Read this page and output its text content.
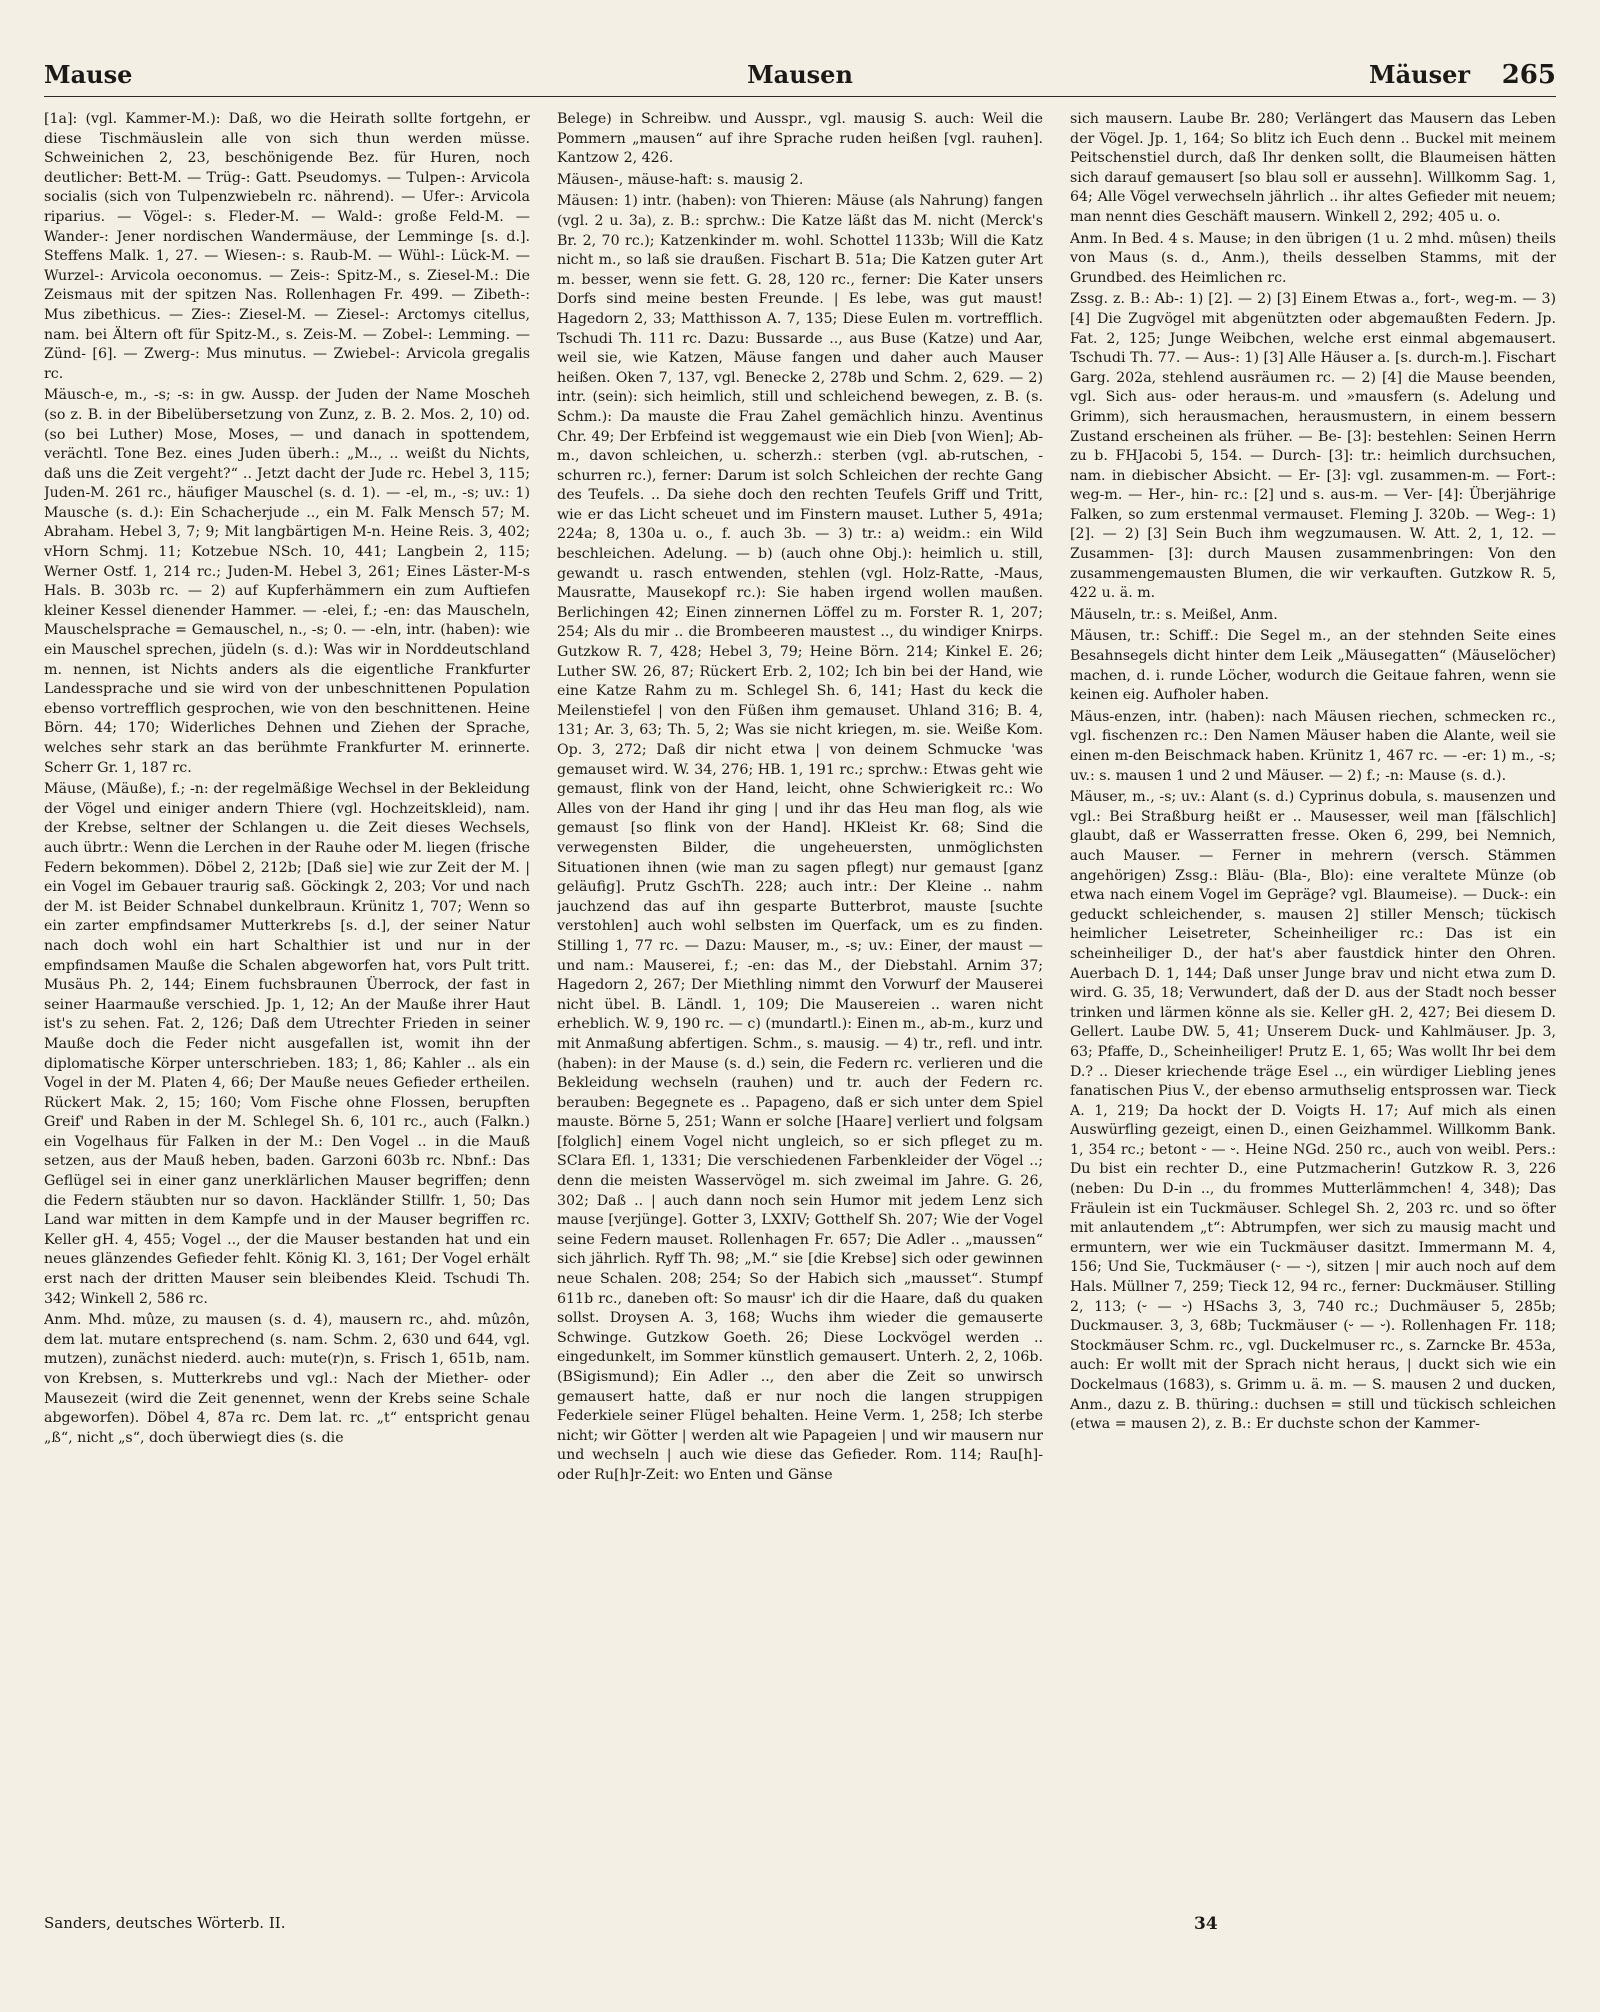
Mause	Mausen	Mäuser 265

[1a]: (vgl. Kammer-M.): Daß, wo die Heirath sollte fortgehn, er diese Tischmäuslein alle von sich thun werden müsse. Schweinichen 2, 23, beschönigende Bez. für Huren, noch deutlicher: Bett-M. — Trüg-: Gatt. Pseudomys. — Tulpen-: Arvicola socialis (sich von Tulpenzwiebeln rc. nährend). — Ufer-: Arvicola riparius. — Vögel-: s. Fleder-M. — Wald-: große Feld-M. — Wander-: Jener nordischen Wandermäuse, der Lemminge [s. d.]. Steffens Malk. 1, 27. — Wiesen-: s. Raub-M. — Wühl-: Lück-M. — Wurzel-: Arvicola oeconomus. — Zeis-: Spitz-M., s. Ziesel-M.: Die Zeismaus mit der spitzen Nas. Rollenhagen Fr. 499. — Zibeth-: Mus zibethicus. — Zies-: Ziesel-M. — Ziesel-: Arctomys citellus, nam. bei Ältern oft für Spitz-M., s. Zeis-M. — Zobel-: Lemming. — Zünd- [6]. — Zwerg-: Mus minutus. — Zwiebel-: Arvicola gregalis rc.

Mäusch-e, m., -s; -s: in gw. Aussp. der Juden der Name Moscheh (so z. B. in der Bibelübersetzung von Zunz, z. B. 2. Mos. 2, 10) od. (so bei Luther) Mose, Moses, — und danach in spottendem, verächtl. Tone Bez. eines Juden überh.: „M.., .. weißt du Nichts, daß uns die Zeit vergeht?“ .. Jetzt dacht der Jude rc. Hebel 3, 115; Juden-M. 261 rc., häufiger Mauschel (s. d. 1). — -el, m., -s; uv.: 1) Mausche (s. d.): Ein Schacherjude .., ein M. Falk Mensch 57; M. Abraham. Hebel 3, 7; 9; Mit langbärtigen M-n. Heine Reis. 3, 402; vHorn Schmj. 11; Kotzebue NSch. 10, 441; Langbein 2, 115; Werner Ostf. 1, 214 rc.; Juden-M. Hebel 3, 261; Eines Läster-M-s Hals. B. 303b rc. — 2) auf Kupferhämmern ein zum Auftiefen kleiner Kessel dienender Hammer. — -elei, f.; -en: das Mauscheln, Mauschelsprache = Gemauschel, n., -s; 0. — -eln, intr. (haben): wie ein Mauschel sprechen, jüdeln (s. d.): Was wir in Norddeutschland m. nennen, ist Nichts anders als die eigentliche Frankfurter Landessprache und sie wird von der unbeschnittenen Population ebenso vortrefflich gesprochen, wie von den beschnittenen. Heine Börn. 44; 170; Widerliches Dehnen und Ziehen der Sprache, welches sehr stark an das berühmte Frankfurter M. erinnerte. Scherr Gr. 1, 187 rc.

Mäuse, (Mäuße), f.; -n: der regelmäßige Wechsel in der Bekleidung der Vögel und einiger andern Thiere (vgl. Hochzeitskleid), nam. der Krebse, seltner der Schlangen u. die Zeit dieses Wechsels, auch übrtr.: Wenn die Lerchen in der Rauhe oder M. liegen (frische Federn bekommen). Döbel 2, 212b; [Daß sie] wie zur Zeit der M. | ein Vogel im Gebauer traurig saß. Göckingk 2, 203; Vor und nach der M. ist Beider Schnabel dunkelbraun. Krünitz 1, 707; Wenn so ein zarter empfindsamer Mutterkrebs [s. d.], der seiner Natur nach doch wohl ein hart Schalthier ist und nur in der empfindsamen Mauße die Schalen abgeworfen hat, vors Pult tritt. Musäus Ph. 2, 144; Einem fuchsbraunen Überrock, der fast in seiner Haarmauße verschied. Jp. 1, 12; An der Mauße ihrer Haut ist's zu sehen. Fat. 2, 126; Daß dem Utrechter Frieden in seiner Mauße doch die Feder nicht ausgefallen ist, womit ihn der diplomatische Körper unterschrieben. 183; 1, 86; Kahler .. als ein Vogel in der M. Platen 4, 66; Der Mauße neues Gefieder ertheilen. Rückert Mak. 2, 15; 160; Vom Fische ohne Flossen, berupften Greif' und Raben in der M. Schlegel Sh. 6, 101 rc., auch (Falkn.) ein Vogelhaus für Falken in der M.: Den Vogel .. in die Mauß setzen, aus der Mauß heben, baden. Garzoni 603b rc. Nbnf.: Das Geflügel sei in einer ganz unerklärlichen Mauser begriffen; denn die Federn stäubten nur so davon. Hackländer Stillfr. 1, 50; Das Land war mitten in dem Kampfe und in der Mauser begriffen rc. Keller gH. 4, 455; Vogel .., der die Mauser bestanden hat und ein neues glänzendes Gefieder fehlt. König Kl. 3, 161; Der Vogel erhält erst nach der dritten Mauser sein bleibendes Kleid. Tschudi Th. 342; Winkell 2, 586 rc.

Anm. Mhd. mûze, zu mausen (s. d. 4), mausern rc., ahd. mûzôn, dem lat. mutare entsprechend (s. nam. Schm. 2, 630 und 644, vgl. mutzen), zunächst niederd. auch: mute(r)n, s. Frisch 1, 651b, nam. von Krebsen, s. Mutterkrebs und vgl.: Nach der Miether- oder Mausezeit (wird die Zeit genennet, wenn der Krebs seine Schale abgeworfen). Döbel 4, 87a rc. Dem lat. rc. „t“ entspricht genau „ß“, nicht „s“, doch überwiegt dies (s. die

Belege) in Schreibw. und Ausspr., vgl. mausig S. auch: Weil die Pommern „mausen“ auf ihre Sprache ruden heißen [vgl. rauhen]. Kantzow 2, 426.

Mäusen-, mäuse-haft: s. mausig 2.

Mäusen: 1) intr. (haben): von Thieren: Mäuse (als Nahrung) fangen (vgl. 2 u. 3a), z. B.: sprchw.: Die Katze läßt das M. nicht (Merck's Br. 2, 70 rc.); Katzenkinder m. wohl. Schottel 1133b; Will die Katz nicht m., so laß sie draußen. Fischart B. 51a; Die Katzen guter Art m. besser, wenn sie fett. G. 28, 120 rc., ferner: Die Kater unsers Dorfs sind meine besten Freunde. | Es lebe, was gut maust! Hagedorn 2, 33; Matthisson A. 7, 135; Diese Eulen m. vortrefflich. Tschudi Th. 111 rc. Dazu: Bussarde .., aus Buse (Katze) und Aar, weil sie, wie Katzen, Mäuse fangen und daher auch Mauser heißen. Oken 7, 137, vgl. Benecke 2, 278b und Schm. 2, 629. — 2) intr. (sein): sich heimlich, still und schleichend bewegen, z. B. (s. Schm.): Da mauste die Frau Zahel gemächlich hinzu. Aventinus Chr. 49; Der Erbfeind ist weggemaust wie ein Dieb [von Wien]; Ab-m., davon schleichen, u. scherzh.: sterben (vgl. ab-rutschen, -schurren rc.), ferner: Darum ist solch Schleichen der rechte Gang des Teufels. .. Da siehe doch den rechten Teufels Griff und Tritt, wie er das Licht scheuet und im Finstern mauset. Luther 5, 491a; 224a; 8, 130a u. o., f. auch 3b. — 3) tr.: a) weidm.: ein Wild beschleichen. Adelung. — b) (auch ohne Obj.): heimlich u. still, gewandt u. rasch entwenden, stehlen (vgl. Holz-Ratte, -Maus, Mausratte, Mausekopf rc.): Sie haben irgend wollen maußen. Berlichingen 42; Einen zinnernen Löffel zu m. Forster R. 1, 207; 254; Als du mir .. die Brombeeren maustest .., du windiger Knirps. Gutzkow R. 7, 428; Hebel 3, 79; Heine Börn. 214; Kinkel E. 26; Luther SW. 26, 87; Rückert Erb. 2, 102; Ich bin bei der Hand, wie eine Katze Rahm zu m. Schlegel Sh. 6, 141; Hast du keck die Meilenstiefel | von den Füßen ihm gemauset. Uhland 316; B. 4, 131; Ar. 3, 63; Th. 5, 2; Was sie nicht kriegen, m. sie. Weiße Kom. Op. 3, 272; Daß dir nicht etwa | von deinem Schmucke 'was gemauset wird. W. 34, 276; HB. 1, 191 rc.; sprchw.: Etwas geht wie gemaust, flink von der Hand, leicht, ohne Schwierigkeit rc.: Wo Alles von der Hand ihr ging | und ihr das Heu man flog, als wie gemaust [so flink von der Hand]. HKleist Kr. 68; Sind die verwegensten Bilder, die ungeheuersten, unmöglichsten Situationen ihnen (wie man zu sagen pflegt) nur gemaust [ganz geläufig]. Prutz GschTh. 228; auch intr.: Der Kleine .. nahm jauchzend das auf ihn gesparte Butterbrot, mauste [suchte verstohlen] auch wohl selbsten im Querfack, um es zu finden. Stilling 1, 77 rc. — Dazu: Mauser, m., -s; uv.: Einer, der maust — und nam.: Mauserei, f.; -en: das M., der Diebstahl. Arnim 37; Hagedorn 2, 267; Der Miethling nimmt den Vorwurf der Mauserei nicht übel. B. Ländl. 1, 109; Die Mausereien .. waren nicht erheblich. W. 9, 190 rc. — c) (mundartl.): Einen m., ab-m., kurz und mit Anmaßung abfertigen. Schm., s. mausig. — 4) tr., refl. und intr. (haben): in der Mause (s. d.) sein, die Federn rc. verlieren und die Bekleidung wechseln (rauhen) und tr. auch der Federn rc. berauben: Begegnete es .. Papageno, daß er sich unter dem Spiel mauste. Börne 5, 251; Wann er solche [Haare] verliert und folgsam [folglich] einem Vogel nicht ungleich, so er sich pfleget zu m. SClara Efl. 1, 1331; Die verschiedenen Farbenkleider der Vögel ..; denn die meisten Wasservögel m. sich zweimal im Jahre. G. 26, 302; Daß .. | auch dann noch sein Humor mit jedem Lenz sich mause [verjünge]. Gotter 3, LXXIV; Gotthelf Sh. 207; Wie der Vogel seine Federn mauset. Rollenhagen Fr. 657; Die Adler .. „maussen“ sich jährlich. Ryff Th. 98; „M.“ sie [die Krebse] sich oder gewinnen neue Schalen. 208; 254; So der Habich sich „mausset“. Stumpf 611b rc., daneben oft: So mausr' ich dir die Haare, daß du quaken sollst. Droysen A. 3, 168; Wuchs ihm wieder die gemauserte Schwinge. Gutzkow Goeth. 26; Diese Lockvögel werden .. eingedunkelt, im Sommer künstlich gemausert. Unterh. 2, 2, 106b. (BSigismund); Ein Adler .., den aber die Zeit so unwirsch gemausert hatte, daß er nur noch die langen struppigen Federkiele seiner Flügel behalten. Heine Verm. 1, 258; Ich sterbe nicht; wir Götter | werden alt wie Papageien | und wir mausern nur und wechseln | auch wie diese das Gefieder. Rom. 114; Rau[h]- oder Ru[h]r-Zeit: wo Enten und Gänse

sich mausern. Laube Br. 280; Verlängert das Mausern das Leben der Vögel. Jp. 1, 164; So blitz ich Euch denn .. Buckel mit meinem Peitschenstiel durch, daß Ihr denken sollt, die Blaumeisen hätten sich darauf gemausert [so blau soll er aussehn]. Willkomm Sag. 1, 64; Alle Vögel verwechseln jährlich .. ihr altes Gefieder mit neuem; man nennt dies Geschäft mausern. Winkell 2, 292; 405 u. o.

Anm. In Bed. 4 s. Mause; in den übrigen (1 u. 2 mhd. mûsen) theils von Maus (s. d., Anm.), theils desselben Stamms, mit der Grundbed. des Heimlichen rc.

Zssg. z. B.: Ab-: 1) [2]. — 2) [3] Einem Etwas a., fort-, weg-m. — 3) [4] Die Zugvögel mit abgenützten oder abgemaußten Federn. Jp. Fat. 2, 125; Junge Weibchen, welche erst einmal abgemausert. Tschudi Th. 77. — Aus-: 1) [3] Alle Häuser a. [s. durch-m.]. Fischart Garg. 202a, stehlend ausräumen rc. — 2) [4] die Mause beenden, vgl. Sich aus- oder heraus-m. und »mausfern (s. Adelung und Grimm), sich herausmachen, herausmustern, in einem bessern Zustand erscheinen als früher. — Be- [3]: bestehlen: Seinen Herrn zu b. FHJacobi 5, 154. — Durch- [3]: tr.: heimlich durchsuchen, nam. in diebischer Absicht. — Er- [3]: vgl. zusammen-m. — Fort-: weg-m. — Her-, hin- rc.: [2] und s. aus-m. — Ver- [4]: Überjährige Falken, so zum erstenmal vermauset. Fleming J. 320b. — Weg-: 1) [2]. — 2) [3] Sein Buch ihm wegzumausen. W. Att. 2, 1, 12. — Zusammen- [3]: durch Mausen zusammenbringen: Von den zusammengemausten Blumen, die wir verkauften. Gutzkow R. 5, 422 u. ä. m.

Mäuseln, tr.: s. Meißel, Anm.

Mäusen, tr.: Schiff.: Die Segel m., an der stehnden Seite eines Besahnsegels dicht hinter dem Leik „Mäusegatten“ (Mäuselöcher) machen, d. i. runde Löcher, wodurch die Geitaue fahren, wenn sie keinen eig. Aufholer haben.

Mäus-enzen, intr. (haben): nach Mäusen riechen, schmecken rc., vgl. fischenzen rc.: Den Namen Mäuser haben die Alante, weil sie einen m-den Beischmack haben. Krünitz 1, 467 rc. — -er: 1) m., -s; uv.: s. mausen 1 und 2 und Mäuser. — 2) f.; -n: Mause (s. d.).

Mäuser, m., -s; uv.: Alant (s. d.) Cyprinus dobula, s. mausenzen und vgl.: Bei Straßburg heißt er .. Mausesser, weil man [fälschlich] glaubt, daß er Wasserratten fresse. Oken 6, 299, bei Nemnich, auch Mauser. — Ferner in mehrern (versch. Stämmen angehörigen) Zssg.: Bläu- (Bla-, Blo): eine veraltete Münze (ob etwa nach einem Vogel im Gepräge? vgl. Blaumeise). — Duck-: ein geduckt schleichender, s. mausen 2] stiller Mensch; tückisch heimlicher Leisetreter, Scheinheiliger rc.: Das ist ein scheinheiliger D., der hat's aber faustdick hinter den Ohren. Auerbach D. 1, 144; Daß unser Junge brav und nicht etwa zum D. wird. G. 35, 18; Verwundert, daß der D. aus der Stadt noch besser trinken und lärmen könne als sie. Keller gH. 2, 427; Bei diesem D. Gellert. Laube DW. 5, 41; Unserem Duck- und Kahlmäuser. Jp. 3, 63; Pfaffe, D., Scheinheiliger! Prutz E. 1, 65; Was wollt Ihr bei dem D.? .. Dieser kriechende träge Esel .., ein würdiger Liebling jenes fanatischen Pius V., der ebenso armuthselig entsprossen war. Tieck A. 1, 219; Da hockt der D. Voigts H. 17; Auf mich als einen Auswürfling gezeigt, einen D., einen Geizhammel. Willkomm Bank. 1, 354 rc.; betont ⏑ — ⏑. Heine NGd. 250 rc., auch von weibl. Pers.: Du bist ein rechter D., eine Putzmacherin! Gutzkow R. 3, 226 (neben: Du D-in .., du frommes Mutterlämmchen! 4, 348); Das Fräulein ist ein Tuckmäuser. Schlegel Sh. 2, 203 rc. und so öfter mit anlautendem „t“: Abtrumpfen, wer sich zu mausig macht und ermuntern, wer wie ein Tuckmäuser dasitzt. Immermann M. 4, 156; Und Sie, Tuckmäuser (⏑ — ⏑), sitzen | mir auch noch auf dem Hals. Müllner 7, 259; Tieck 12, 94 rc., ferner: Duckmäuser. Stilling 2, 113; (⏑ — ⏑) HSachs 3, 3, 740 rc.; Duchmäuser 5, 285b; Duckmauser. 3, 3, 68b; Tuckmäuser (⏑ — ⏑). Rollenhagen Fr. 118; Stockmäuser Schm. rc., vgl. Duckelmuser rc., s. Zarncke Br. 453a, auch: Er wollt mit der Sprach nicht heraus, | duckt sich wie ein Dockelmaus (1683), s. Grimm u. ä. m. — S. mausen 2 und ducken, Anm., dazu z. B. thüring.: duchsen = still und tückisch schleichen (etwa = mausen 2), z. B.: Er duchste schon der Kammer-

Sanders, deutsches Wörterb. II.	34
